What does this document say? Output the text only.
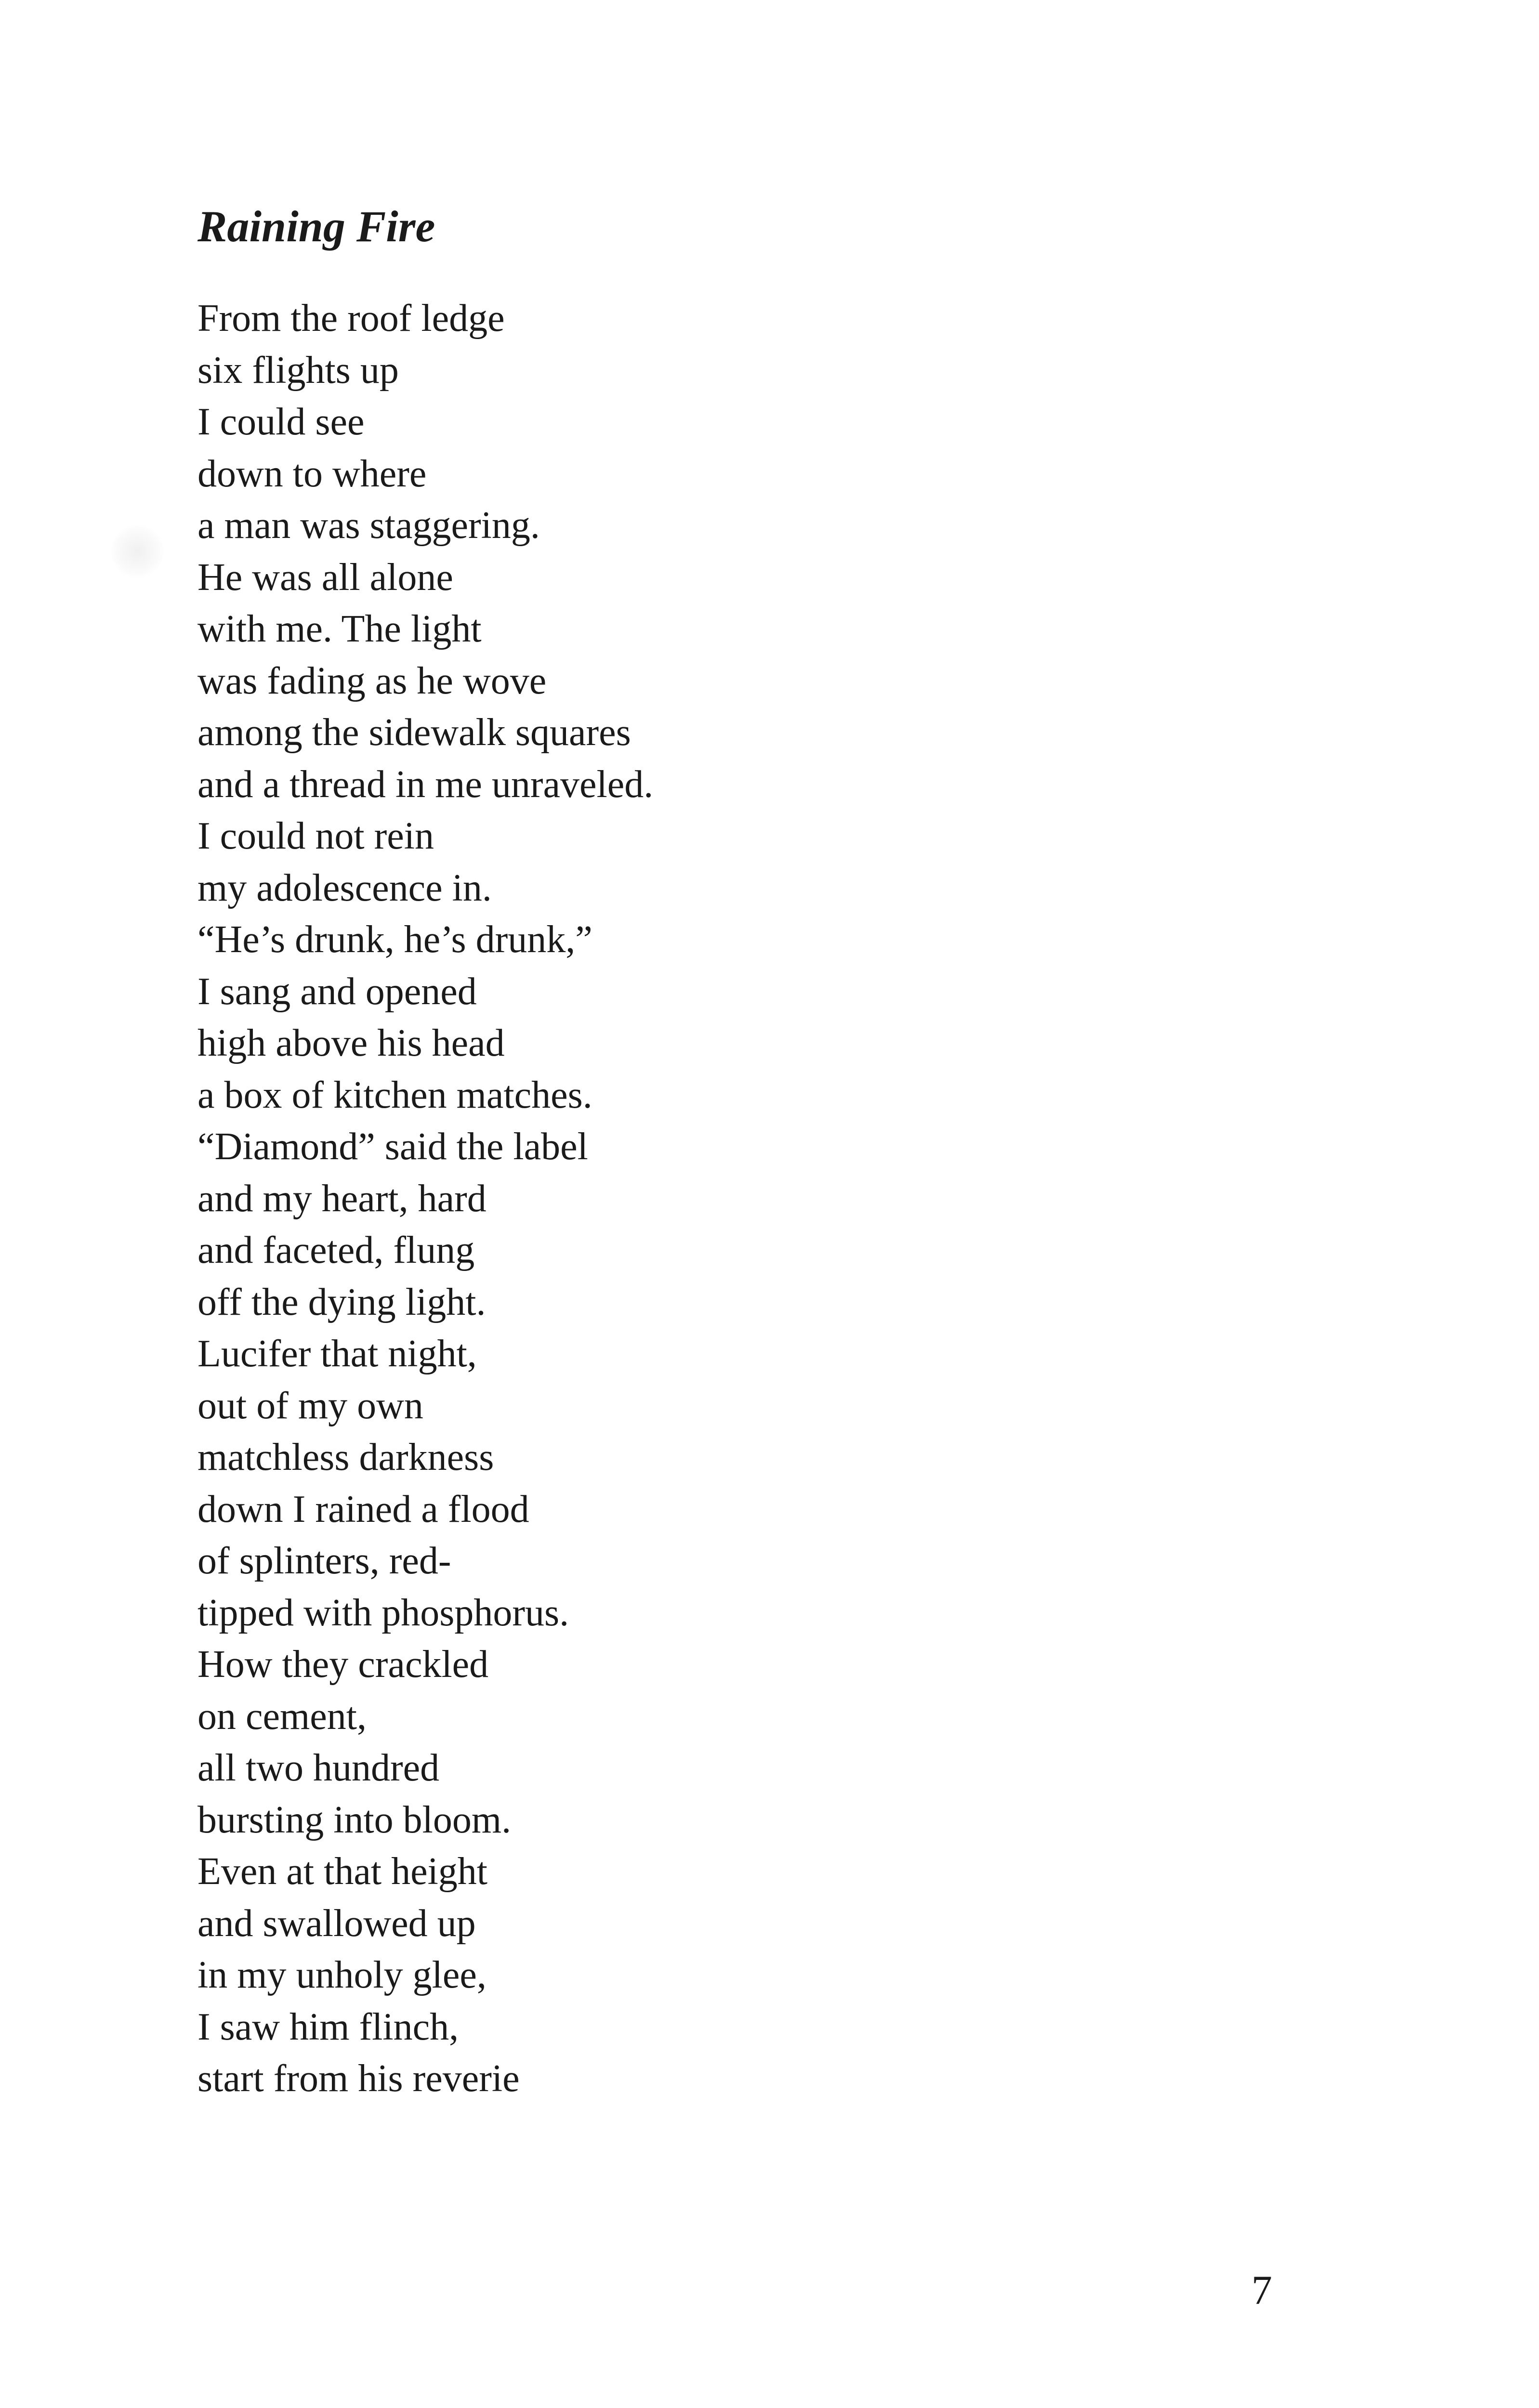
Raining Fire
From the roof ledge
six flights up
I could see
down to where
a man was staggering.
He was all alone
with me. The light
was fading as he wove
among the sidewalk squares
and a thread in me unraveled.
I could not rein
my adolescence in.
“He’s drunk, he’s drunk,”
I sang and opened
high above his head
a box of kitchen matches.
“Diamond” said the label
and my heart, hard
and faceted, flung
off the dying light.
Lucifer that night,
out of my own
matchless darkness
down I rained a flood
of splinters, red-
tipped with phosphorus.
How they crackled
on cement,
all two hundred
bursting into bloom.
Even at that height
and swallowed up
in my unholy glee,
I saw him flinch,
start from his reverie
7
